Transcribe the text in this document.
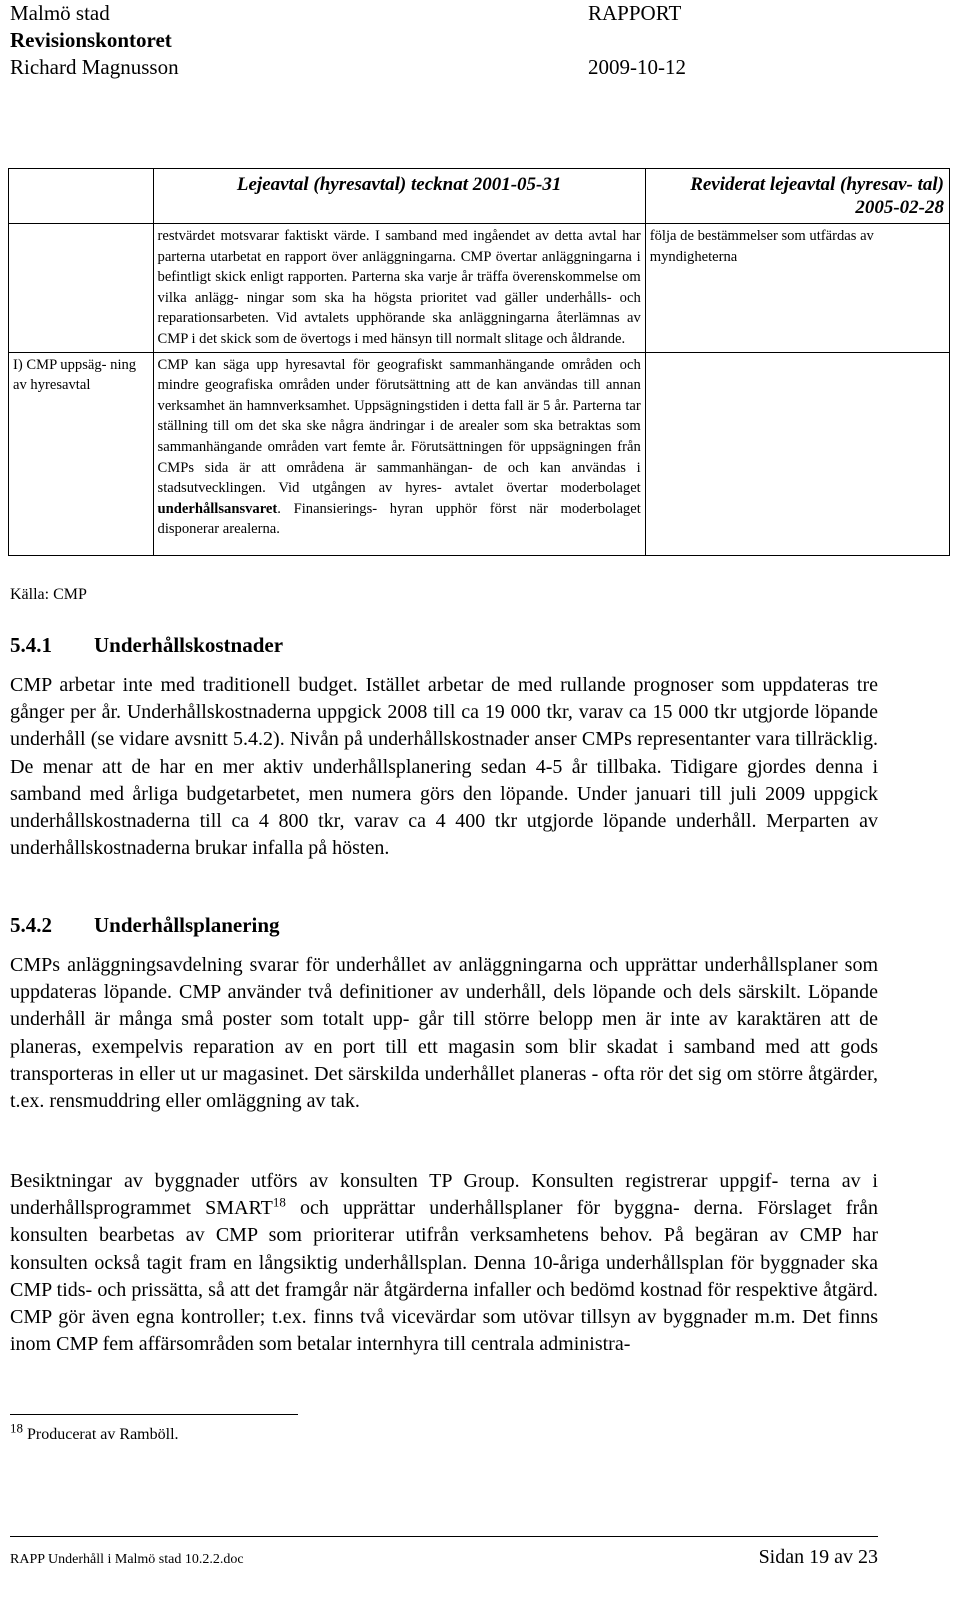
Malmö stad	RAPPORT
Revisionskontoret
Richard Magnusson	2009-10-12
	Lejeavtal (hyresavtal) tecknat 2001-05-31	Reviderat lejeavtal (hyresav- tal) 2005-02-28
	restvärdet motsvarar faktiskt värde. I samband med ingåendet av detta avtal har parterna utarbetat en rapport över anläggningarna. CMP övertar anläggningarna i befintligt skick enligt rapporten. Parterna ska varje år träffa överenskommelse om vilka anlägg- ningar som ska ha högsta prioritet vad gäller underhålls- och reparationsarbeten. Vid avtalets upphörande ska anläggningarna återlämnas av CMP i det skick som de övertogs i med hänsyn till normalt slitage och åldrande.	följa de bestämmelser som utfärdas av myndigheterna
I) CMP uppsäg- ning av hyresavtal	CMP kan säga upp hyresavtal för geografiskt sammanhängande områden och mindre geografiska områden under förutsättning att de kan användas till annan verksamhet än hamnverksamhet. Uppsägningstiden i detta fall är 5 år. Parterna tar ställning till om det ska ske några ändringar i de arealer som ska betraktas som sammanhängande områden vart femte år. Förutsättningen för uppsägningen från CMPs sida är att områdena är sammanhängan- de och kan användas i stadsutvecklingen. Vid utgången av hyres- avtalet övertar moderbolaget underhållsansvaret. Finansierings- hyran upphör först när moderbolaget disponerar arealerna.	
Källa: CMP
5.4.1 Underhållskostnader

CMP arbetar inte med traditionell budget. Istället arbetar de med rullande prognoser som uppdateras tre gånger per år. Underhållskostnaderna uppgick 2008 till ca 19 000 tkr, varav ca 15 000 tkr utgjorde löpande underhåll (se vidare avsnitt 5.4.2). Nivån på underhållskostnader anser CMPs representanter vara tillräcklig. De menar att de har en mer aktiv underhållsplanering sedan 4-5 år tillbaka. Tidigare gjordes denna i samband med årliga budgetarbetet, men numera görs den löpande. Under januari till juli 2009 uppgick underhållskostnaderna till ca 4 800 tkr, varav ca 4 400 tkr utgjorde löpande underhåll. Merparten av underhållskostnaderna brukar infalla på hösten.

5.4.2 Underhållsplanering

CMPs anläggningsavdelning svarar för underhållet av anläggningarna och upprättar underhållsplaner som uppdateras löpande. CMP använder två definitioner av underhåll, dels löpande och dels särskilt. Löpande underhåll är många små poster som totalt upp- går till större belopp men är inte av karaktären att de planeras, exempelvis reparation av en port till ett magasin som blir skadat i samband med att gods transporteras in eller ut ur magasinet. Det särskilda underhållet planeras - ofta rör det sig om större åtgärder, t.ex. rensmuddring eller omläggning av tak.

Besiktningar av byggnader utförs av konsulten TP Group. Konsulten registrerar uppgif- terna av i underhållsprogrammet SMART$^{18}$ och upprättar underhållsplaner för byggna- derna. Förslaget från konsulten bearbetas av CMP som prioriterar utifrån verksamhetens behov. På begäran av CMP har konsulten också tagit fram en långsiktig underhållsplan. Denna 10-åriga underhållsplan för byggnader ska CMP tids- och prissätta, så att det framgår när åtgärderna infaller och bedömd kostnad för respektive åtgärd. CMP gör även egna kontroller; t.ex. finns två vicevärdar som utövar tillsyn av byggnader m.m. Det finns inom CMP fem affärsområden som betalar internhyra till centrala administra-

$^{18}$ Producerat av Ramböll.
RAPP Underhåll i Malmö stad 10.2.2.doc	Sidan 19 av 23
